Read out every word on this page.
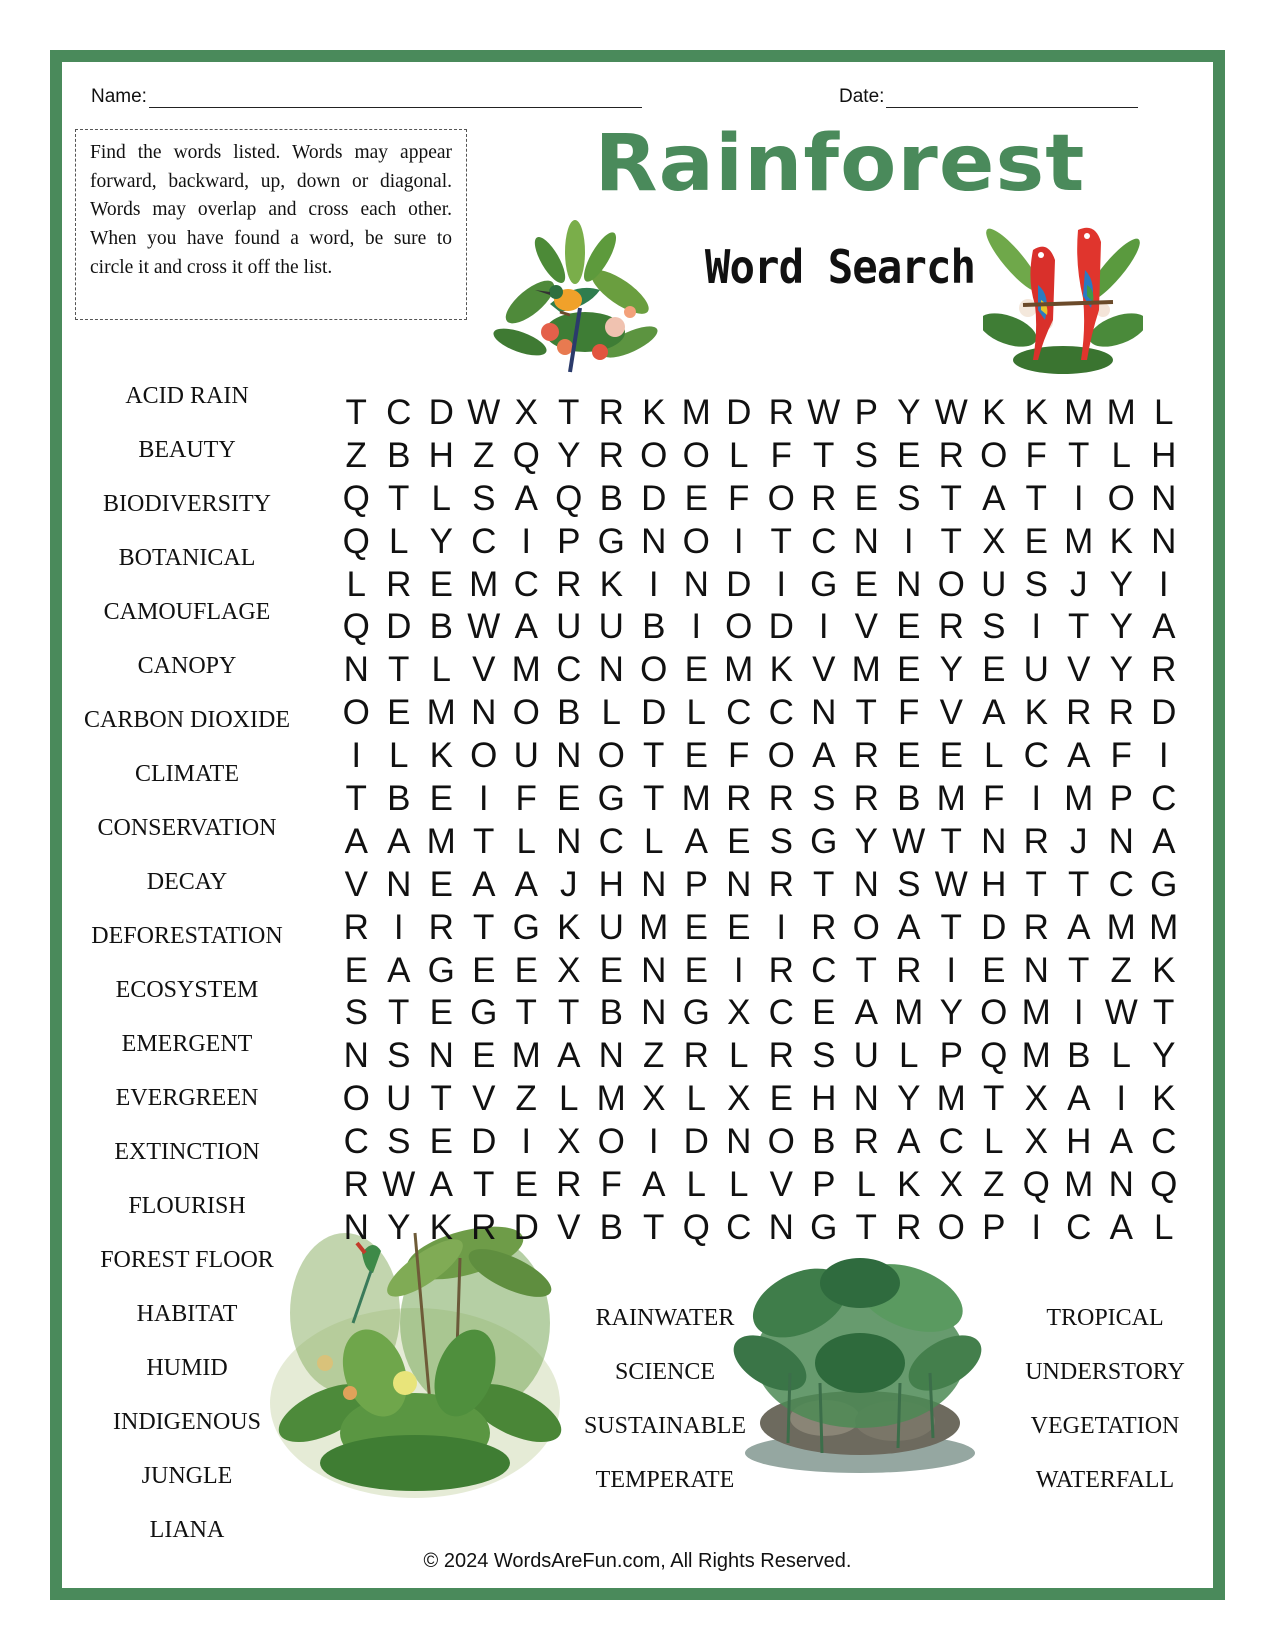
Name:	Date:
Find the words listed. Words may appear forward, backward, up, down or diagonal. Words may overlap and cross each other. When you have found a word, be sure to circle it and cross it off the list.
Rainforest
Word Search
ACID RAIN
BEAUTY
BIODIVERSITY
BOTANICAL
CAMOUFLAGE
CANOPY
CARBON DIOXIDE
CLIMATE
CONSERVATION
DECAY
DEFORESTATION
ECOSYSTEM
EMERGENT
EVERGREEN
EXTINCTION
FLOURISH
FOREST FLOOR
HABITAT
HUMID
INDIGENOUS
JUNGLE
LIANA
RAINWATER
SCIENCE
SUSTAINABLE
TEMPERATE
TROPICAL
UNDERSTORY
VEGETATION
WATERFALL
T C D W X T R K M D R W P Y W K K M M L
Z B H Z Q Y R O O L F T S E R O F T L H
Q T L S A Q B D E F O R E S T A T I O N
Q L Y C I P G N O I T C N I T X E M K N
L R E M C R K I N D I G E N O U S J Y I
Q D B W A U U B I O D I V E R S I T Y A
N T L V M C N O E M K V M E Y E U V Y R
O E M N O B L D L C C N T F V A K R R D
I L K O U N O T E F O A R E E L C A F I
T B E I F E G T M R R S R B M F I M P C
A A M T L N C L A E S G Y W T N R J N A
V N E A A J H N P N R T N S W H T T C G
R I R T G K U M E E I R O A T D R A M M
E A G E E X E N E I R C T R I E N T Z K
S T E G T T B N G X C E A M Y O M I W T
N S N E M A N Z R L R S U L P Q M B L Y
O U T V Z L M X L X E H N Y M T X A I K
C S E D I X O I D N O B R A C L X H A C
R W A T E R F A L L V P L K X Z Q M N Q
N Y K R D V B T Q C N G T R O P I C A L
© 2024 WordsAreFun.com, All Rights Reserved.
